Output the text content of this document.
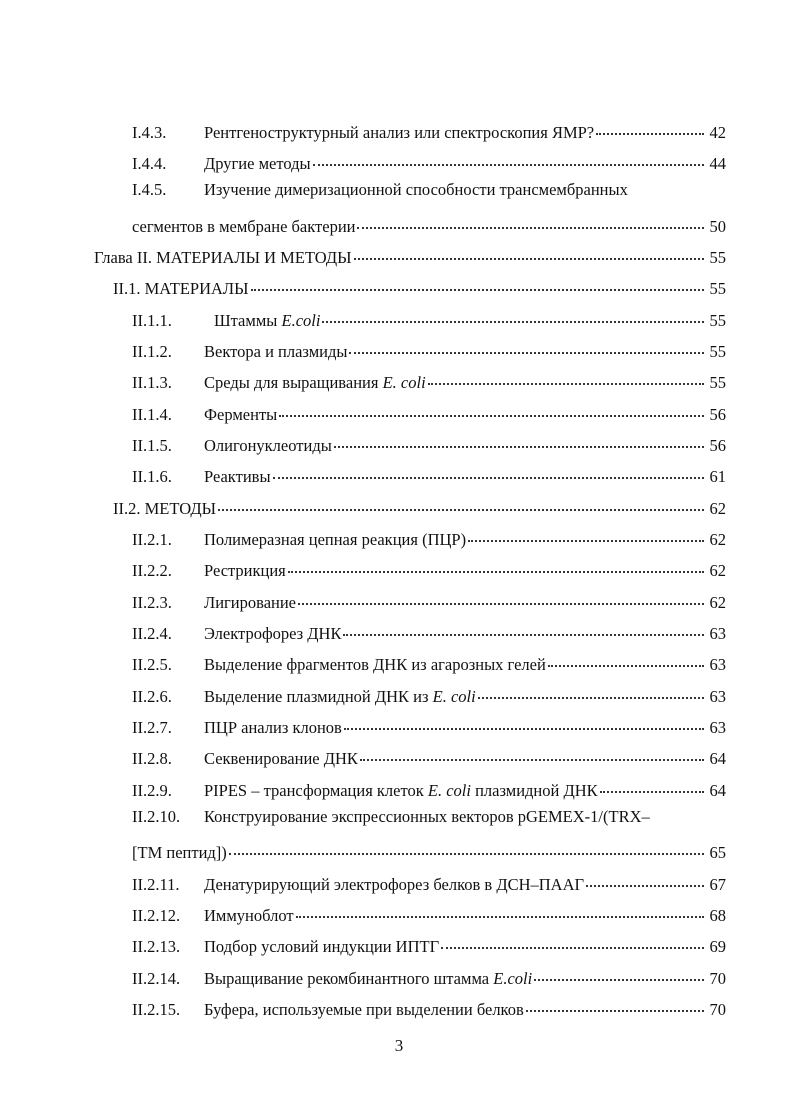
I.4.3.	Рентгеноструктурный анализ или спектроскопия ЯМР?	42
I.4.4.	Другие методы	44
I.4.5.	Изучение димеризационной способности трансмембранных
сегментов в мембране бактерии	50
Глава II. МАТЕРИАЛЫ И МЕТОДЫ	55
II.1. МАТЕРИАЛЫ	55
II.1.1.	Штаммы E.coli	55
II.1.2.	Вектора и плазмиды	55
II.1.3.	Среды для выращивания E. coli	55
II.1.4.	Ферменты	56
II.1.5.	Олигонуклеотиды	56
II.1.6.	Реактивы	61
II.2. МЕТОДЫ	62
II.2.1.	Полимеразная цепная реакция (ПЦР)	62
II.2.2.	Рестрикция	62
II.2.3.	Лигирование	62
II.2.4.	Электрофорез ДНК	63
II.2.5.	Выделение фрагментов ДНК из агарозных гелей	63
II.2.6.	Выделение плазмидной ДНК из E. coli	63
II.2.7.	ПЦР анализ клонов	63
II.2.8.	Секвенирование ДНК	64
II.2.9.	PIPES – трансформация клеток E. coli плазмидной ДНК	64
II.2.10.	Конструирование экспрессионных векторов pGEMEX-1/(TRX–
[TM пептид])	65
II.2.11.	Денатурирующий электрофорез белков в ДСН–ПААГ	67
II.2.12.	Иммуноблот	68
II.2.13.	Подбор условий индукции ИПТГ	69
II.2.14.	Выращивание рекомбинантного штамма E.coli	70
II.2.15.	Буфера, используемые при выделении белков	70
3
